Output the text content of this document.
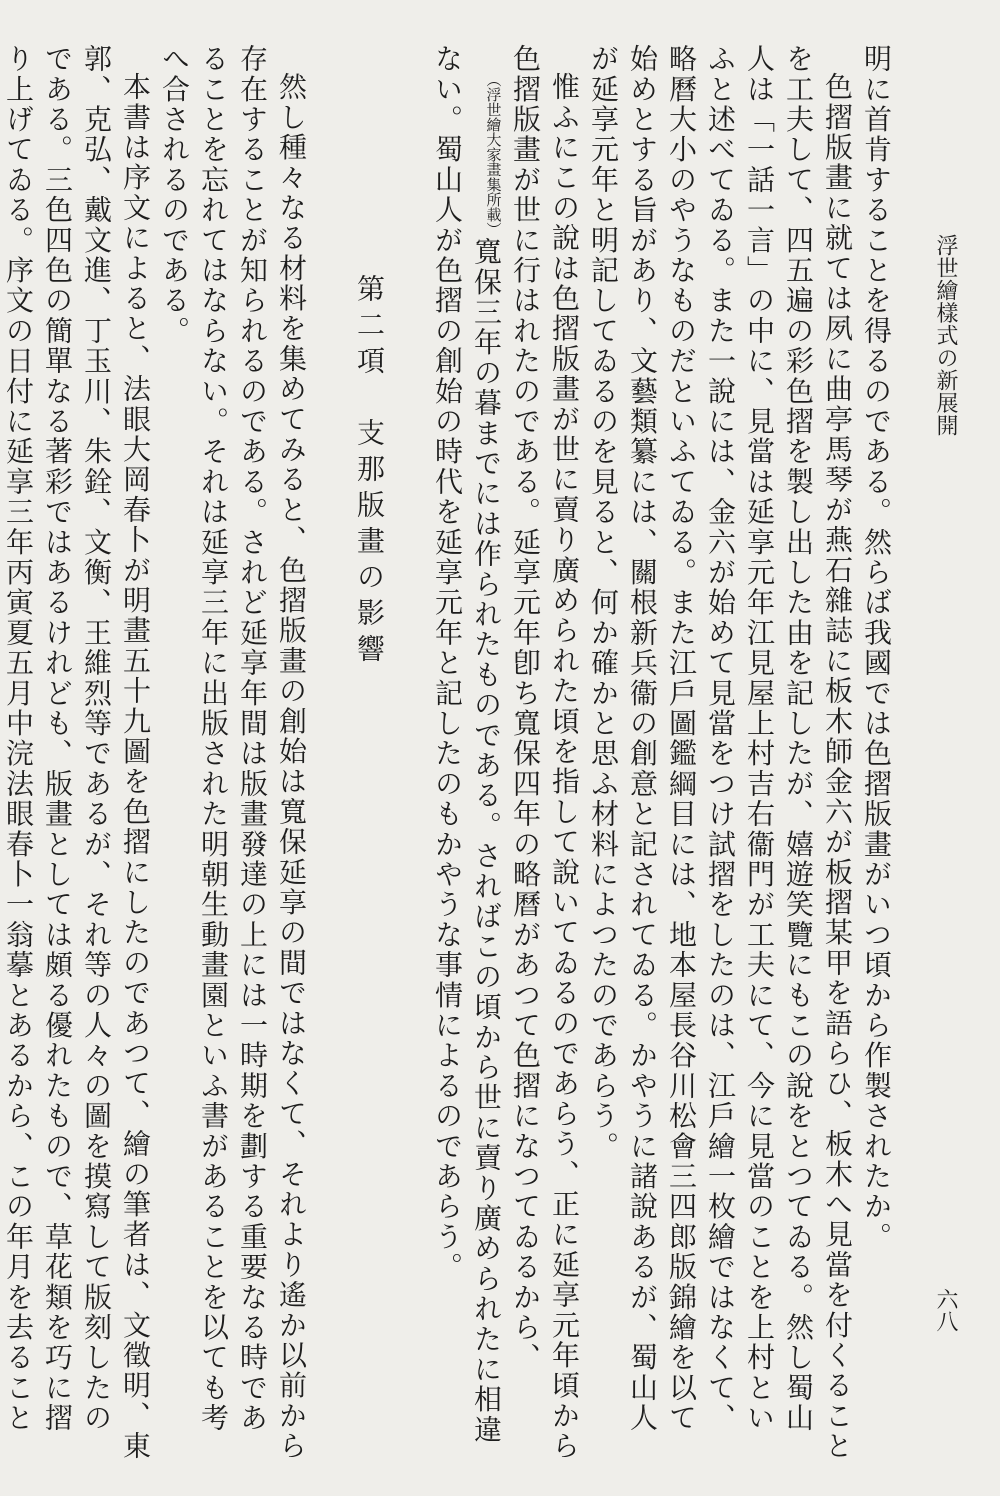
浮世繪樣式の新展開
六八

明に首肯することを得るのである。然らば我國では色摺版畫がいつ頃から作製されたか。

色摺版畫に就ては夙に曲亭馬琴が燕石雜誌に板木師金六が板摺某甲を語らひ、板木へ見當を付くることを工夫して、四五遍の彩色摺を製し出した由を記したが、嬉遊笑覽にもこの說をとつてゐる。然し蜀山人は「一話一言」の中に、見當は延享元年江見屋上村吉右衞門が工夫にて、今に見當のことを上村といふと述べてゐる。また一說には、金六が始めて見當をつけ試摺をしたのは、江戶繪一枚繪ではなくて、略曆大小のやうなものだといふてゐる。また江戶圖鑑綱目には、地本屋長谷川松會三四郎版錦繪を以て始めとする旨があり、文藝類纂には、關根新兵衞の創意と記されてゐる。かやうに諸說あるが、蜀山人が延享元年と明記してゐるのを見ると、何か確かと思ふ材料によつたのであらう。

惟ふにこの說は色摺版畫が世に賣り廣められた頃を指して說いてゐるのであらう、正に延享元年頃から色摺版畫が世に行はれたのである。延享元年卽ち寬保四年の略曆があつて色摺になつてゐるから、（浮世繪大家畫集所載）寬保三年の暮までには作られたものである。さればこの頃から世に賣り廣められたに相違ない。蜀山人が色摺の創始の時代を延享元年と記したのもかやうな事情によるのであらう。

第二項　支那版畫の影響

然し種々なる材料を集めてみると、色摺版畫の創始は寬保延享の間ではなくて、それより遙か以前から存在することが知られるのである。されど延享年間は版畫發達の上には一時期を劃する重要なる時であることを忘れてはならない。それは延享三年に出版された明朝生動畫園といふ書があることを以ても考へ合されるのである。

本書は序文によると、法眼大岡春卜が明畫五十九圖を色摺にしたのであつて、繪の筆者は、文徵明、東郭、克弘、戴文進、丁玉川、朱銓、文衡、王維烈等であるが、それ等の人々の圖を摸寫して版刻したのである。三色四色の簡單なる著彩ではあるけれども、版畫としては頗る優れたもので、草花類を巧に摺り上げてゐる。序文の日付に延享三年丙寅夏五月中浣法眼春卜一翁摹とあるから、この年月を去ること
